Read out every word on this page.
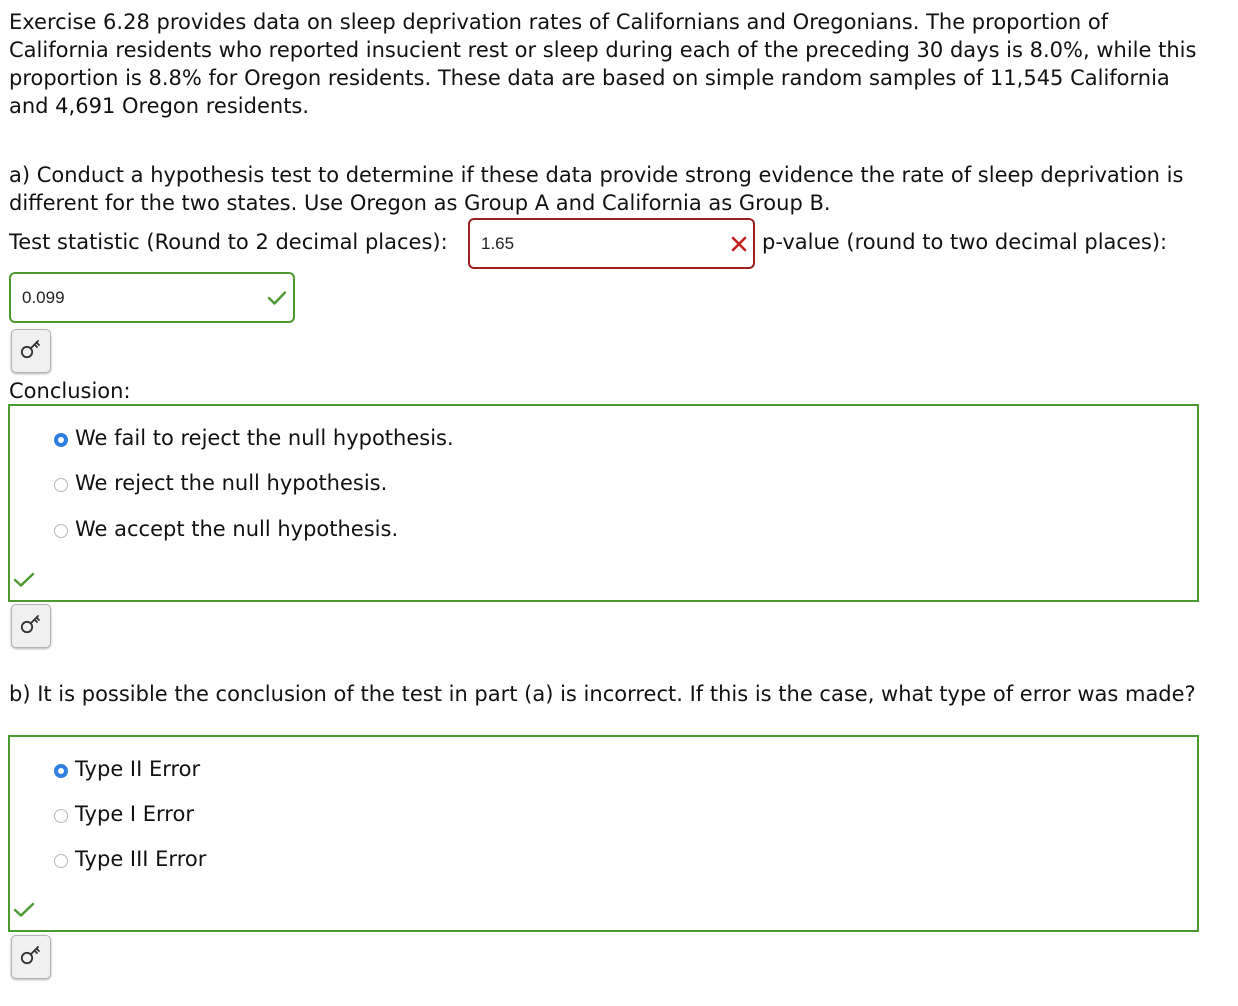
Exercise 6.28 provides data on sleep deprivation rates of Californians and Oregonians. The proportion of California residents who reported insucient rest or sleep during each of the preceding 30 days is 8.0%, while this proportion is 8.8% for Oregon residents. These data are based on simple random samples of 11,545 California and 4,691 Oregon residents.
a) Conduct a hypothesis test to determine if these data provide strong evidence the rate of sleep deprivation is different for the two states. Use Oregon as Group A and California as Group B.
Test statistic (Round to 2 decimal places): 1.65	p-value (round to two decimal places):
0.099
Conclusion:
We fail to reject the null hypothesis.
We reject the null hypothesis.
We accept the null hypothesis.
b) It is possible the conclusion of the test in part (a) is incorrect. If this is the case, what type of error was made?
Type II Error
Type I Error
Type III Error
